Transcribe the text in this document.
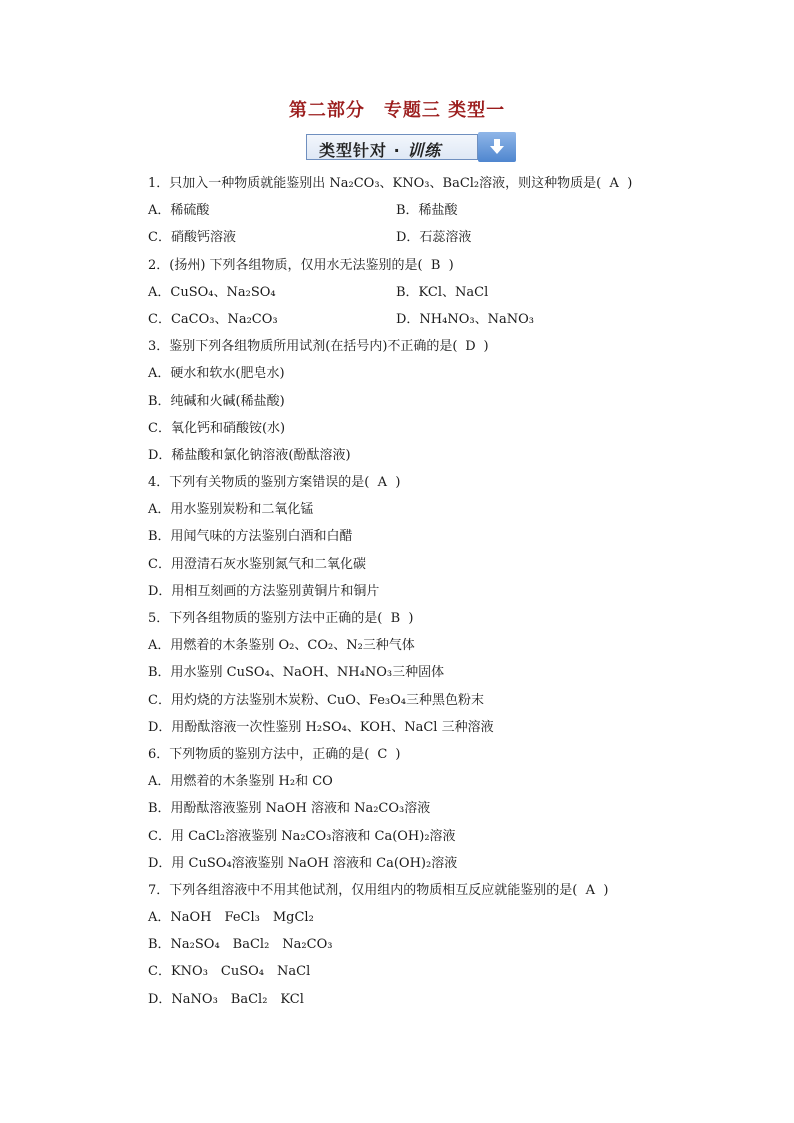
第二部分　专题三 类型一
类型针对 · 训练
1．只加入一种物质就能鉴别出 Na₂CO₃、KNO₃、BaCl₂溶液，则这种物质是( A )
A．稀硫酸	B．稀盐酸
C．硝酸钙溶液	D．石蕊溶液
2．(扬州) 下列各组物质，仅用水无法鉴别的是( B )
A．CuSO₄、Na₂SO₄	B．KCl、NaCl
C．CaCO₃、Na₂CO₃	D．NH₄NO₃、NaNO₃
3．鉴别下列各组物质所用试剂(在括号内)不正确的是( D )
A．硬水和软水(肥皂水)
B．纯碱和火碱(稀盐酸)
C．氧化钙和硝酸铵(水)
D．稀盐酸和氯化钠溶液(酚酞溶液)
4．下列有关物质的鉴别方案错误的是( A )
A．用水鉴别炭粉和二氧化锰
B．用闻气味的方法鉴别白酒和白醋
C．用澄清石灰水鉴别氮气和二氧化碳
D．用相互刻画的方法鉴别黄铜片和铜片
5．下列各组物质的鉴别方法中正确的是( B )
A．用燃着的木条鉴别 O₂、CO₂、N₂三种气体
B．用水鉴别 CuSO₄、NaOH、NH₄NO₃三种固体
C．用灼烧的方法鉴别木炭粉、CuO、Fe₃O₄三种黑色粉末
D．用酚酞溶液一次性鉴别 H₂SO₄、KOH、NaCl 三种溶液
6．下列物质的鉴别方法中，正确的是( C )
A．用燃着的木条鉴别 H₂和 CO
B．用酚酞溶液鉴别 NaOH 溶液和 Na₂CO₃溶液
C．用 CaCl₂溶液鉴别 Na₂CO₃溶液和 Ca(OH)₂溶液
D．用 CuSO₄溶液鉴别 NaOH 溶液和 Ca(OH)₂溶液
7．下列各组溶液中不用其他试剂，仅用组内的物质相互反应就能鉴别的是( A )
A．NaOH　FeCl₃　MgCl₂
B．Na₂SO₄　BaCl₂　Na₂CO₃
C．KNO₃　CuSO₄　NaCl
D．NaNO₃　BaCl₂　KCl
